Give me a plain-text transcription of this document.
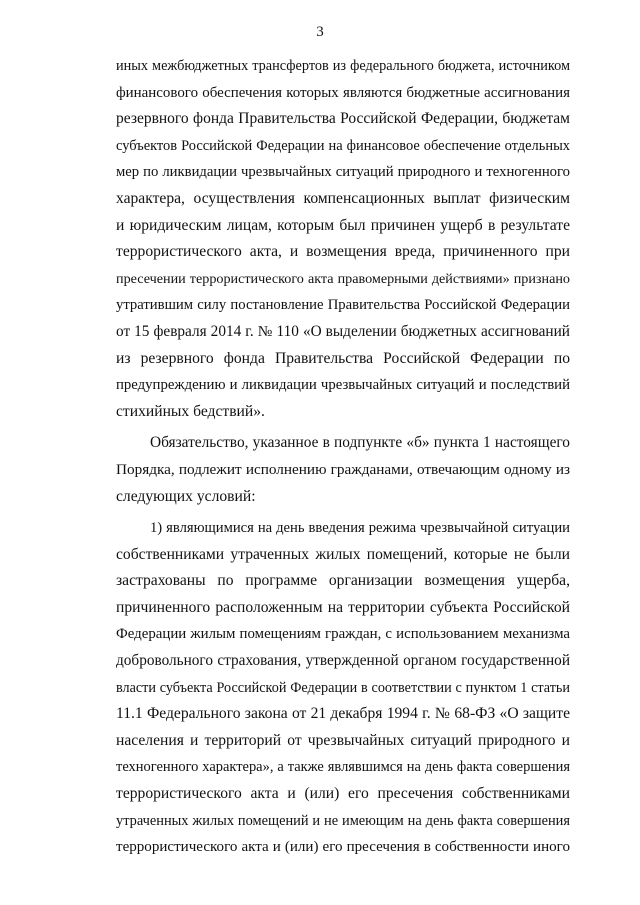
3
иных межбюджетных трансфертов из федерального бюджета, источником
финансового обеспечения которых являются бюджетные ассигнования
резервного фонда Правительства Российской Федерации, бюджетам
субъектов Российской Федерации на финансовое обеспечение отдельных
мер по ликвидации чрезвычайных ситуаций природного и техногенного
характера, осуществления компенсационных выплат физическим
и юридическим лицам, которым был причинен ущерб в результате
террористического акта, и возмещения вреда, причиненного при
пресечении террористического акта правомерными действиями» признано
утратившим силу постановление Правительства Российской Федерации
от 15 февраля 2014 г. № 110 «О выделении бюджетных ассигнований
из резервного фонда Правительства Российской Федерации по
предупреждению и ликвидации чрезвычайных ситуаций и последствий
стихийных бедствий».
Обязательство, указанное в подпункте «б» пункта 1 настоящего
Порядка, подлежит исполнению гражданами, отвечающим одному из
следующих условий:
1) являющимися на день введения режима чрезвычайной ситуации
собственниками утраченных жилых помещений, которые не были
застрахованы по программе организации возмещения ущерба,
причиненного расположенным на территории субъекта Российской
Федерации жилым помещениям граждан, с использованием механизма
добровольного страхования, утвержденной органом государственной
власти субъекта Российской Федерации в соответствии с пунктом 1 статьи
11.1 Федерального закона от 21 декабря 1994 г. № 68-ФЗ «О защите
населения и территорий от чрезвычайных ситуаций природного и
техногенного характера», а также являвшимся на день факта совершения
террористического акта и (или) его пресечения собственниками
утраченных жилых помещений и не имеющим на день факта совершения
террористического акта и (или) его пресечения в собственности иного
